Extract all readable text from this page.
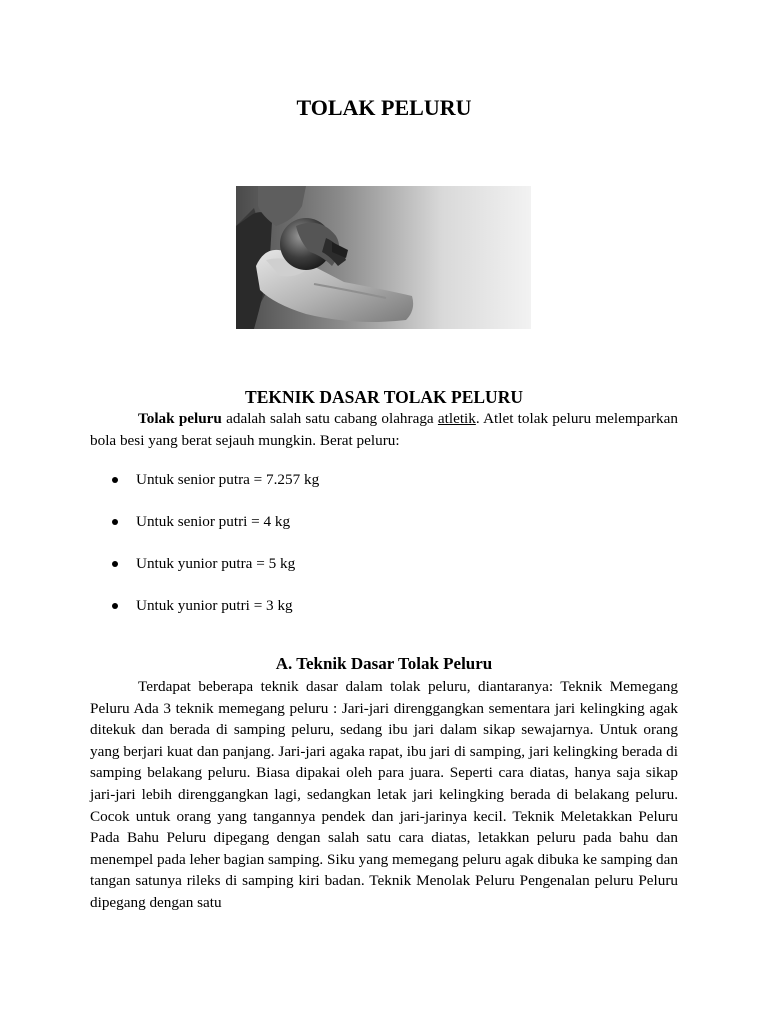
TOLAK PELURU
TEKNIK DASAR TOLAK PELURU

Tolak peluru adalah salah satu cabang olahraga atletik. Atlet tolak peluru melemparkan bola besi yang berat sejauh mungkin. Berat peluru:

Untuk senior putra = 7.257 kg
Untuk senior putri = 4 kg
Untuk yunior putra = 5 kg
Untuk yunior putri = 3 kg
A. Teknik Dasar Tolak Peluru

Terdapat beberapa teknik dasar dalam tolak peluru, diantaranya: Teknik Memegang Peluru Ada 3 teknik memegang peluru : Jari-jari direnggangkan sementara jari kelingking agak ditekuk dan berada di samping peluru, sedang ibu jari dalam sikap sewajarnya. Untuk orang yang berjari kuat dan panjang. Jari-jari agaka rapat, ibu jari di samping, jari kelingking berada di samping belakang peluru. Biasa dipakai oleh para juara. Seperti cara diatas, hanya saja sikap jari-jari lebih direnggangkan lagi, sedangkan letak jari kelingking berada di belakang peluru. Cocok untuk orang yang tangannya pendek dan jari-jarinya kecil. Teknik Meletakkan Peluru Pada Bahu Peluru dipegang dengan salah satu cara diatas, letakkan peluru pada bahu dan menempel pada leher bagian samping. Siku yang memegang peluru agak dibuka ke samping dan tangan satunya rileks di samping kiri badan. Teknik Menolak Peluru Pengenalan peluru Peluru dipegang dengan satu
